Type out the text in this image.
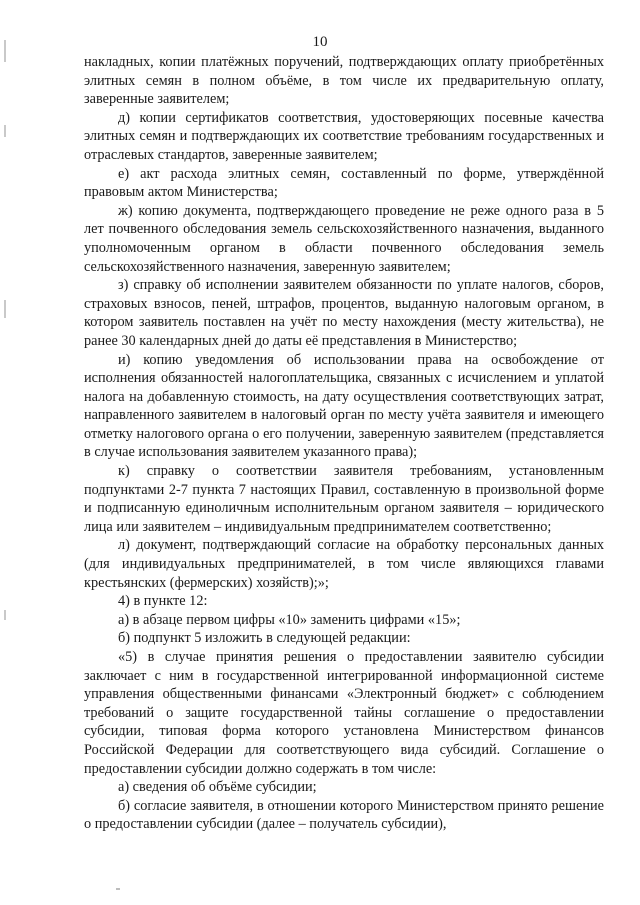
10

накладных, копии платёжных поручений, подтверждающих оплату приобретённых элитных семян в полном объёме, в том числе их предварительную оплату, заверенные заявителем;

д) копии сертификатов соответствия, удостоверяющих посевные качества элитных семян и подтверждающих их соответствие требованиям государственных и отраслевых стандартов, заверенные заявителем;

е) акт расхода элитных семян, составленный по форме, утверждённой правовым актом Министерства;

ж) копию документа, подтверждающего проведение не реже одного раза в 5 лет почвенного обследования земель сельскохозяйственного назначения, выданного уполномоченным органом в области почвенного обследования земель сельскохозяйственного назначения, заверенную заявителем;

з) справку об исполнении заявителем обязанности по уплате налогов, сборов, страховых взносов, пеней, штрафов, процентов, выданную налоговым органом, в котором заявитель поставлен на учёт по месту нахождения (месту жительства), не ранее 30 календарных дней до даты её представления в Министерство;

и) копию уведомления об использовании права на освобождение от исполнения обязанностей налогоплательщика, связанных с исчислением и уплатой налога на добавленную стоимость, на дату осуществления соответствующих затрат, направленного заявителем в налоговый орган по месту учёта заявителя и имеющего отметку налогового органа о его получении, заверенную заявителем (представляется в случае использования заявителем указанного права);

к) справку о соответствии заявителя требованиям, установленным подпунктами 2-7 пункта 7 настоящих Правил, составленную в произвольной форме и подписанную единоличным исполнительным органом заявителя – юридического лица или заявителем – индивидуальным предпринимателем соответственно;

л) документ, подтверждающий согласие на обработку персональных данных (для индивидуальных предпринимателей, в том числе являющихся главами крестьянских (фермерских) хозяйств);»;

4) в пункте 12:

а) в абзаце первом цифры «10» заменить цифрами «15»;

б) подпункт 5 изложить в следующей редакции:

«5) в случае принятия решения о предоставлении заявителю субсидии заключает с ним в государственной интегрированной информационной системе управления общественными финансами «Электронный бюджет» с соблюдением требований о защите государственной тайны соглашение о предоставлении субсидии, типовая форма которого установлена Министерством финансов Российской Федерации для соответствующего вида субсидий. Соглашение о предоставлении субсидии должно содержать в том числе:

а) сведения об объёме субсидии;

б) согласие заявителя, в отношении которого Министерством принято решение о предоставлении субсидии (далее – получатель субсидии),
